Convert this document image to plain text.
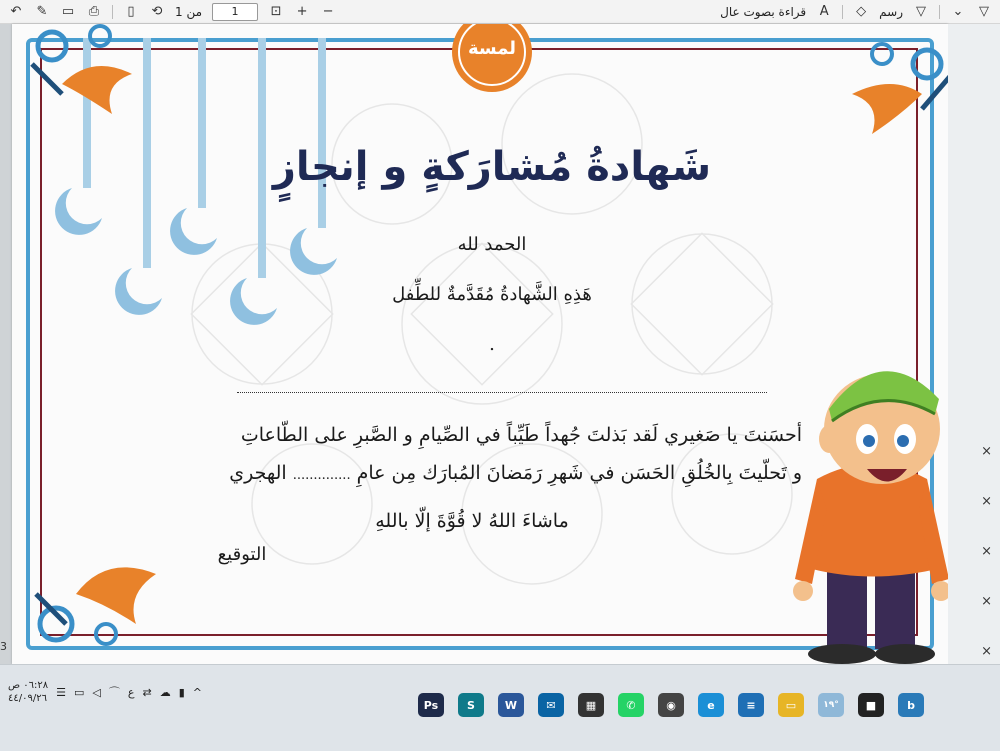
↶ ✎ ▭ ⎙	▯	⟲ من 1	1	⊡ + −	قراءة بصوت عال A ◇ رسم ▽ ⌄ ▽
لمسة
شَهادةُ مُشارَكةٍ و إنجازٍ
الحمد لله
هَذِهِ الشَّهادةُ مُقَدَّمةٌ للطِّفل
.
أحسَنتَ يا صَغيري لَقد بَذلتَ جُهداً طَيِّباً في الصِّيامِ و الصَّبرِ على الطّاعاتِ
و تَحلّيتَ بِالخُلُقِ الحَسَن في شَهرِ رَمَضانَ المُبارَك مِن عامِ .............. الهجري
ماشاءَ اللهُ لا قُوَّةَ إلّا باللهِ
التوقيع
×
×
×
×
×
3
٠٦:٢٨ ص
٤٤/٠٩/٢٦ ☰ ▭ ◁ ⌒ ع ⇄ ☁ ▮ ^
Ps	S	W	✉	▦	✆	◉	e	≡	▭	١٩°	■	b
